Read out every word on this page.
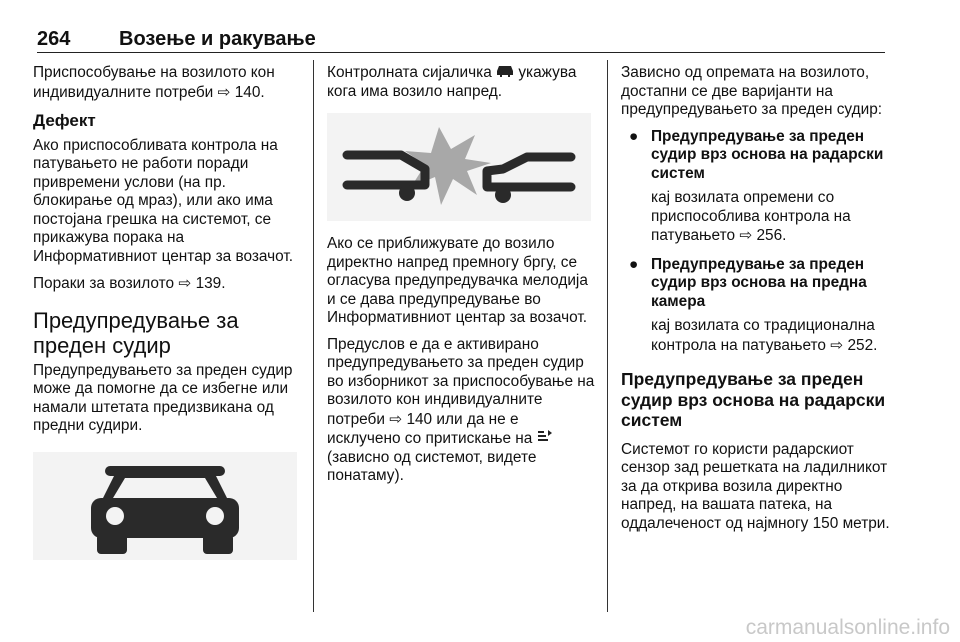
264 Возење и ракување

Приспособување на возилото кон индивидуалните потреби ⇨ 140.

Дефект

Ако приспособливата контрола на патувањето не работи поради привремени услови (на пр. блокирање од мраз), или ако има постојана грешка на системот, се прикажува порака на Информативниот центар за возачот.

Пораки за возилото ⇨ 139.

Предупредување за преден судир

Предупредувањето за преден судир може да помогне да се избегне или намали штетата предизвикана од предни судири.

Контролната сијаличка укажува кога има возило напред.

Ако се приближувате до возило директно напред премногу бргу, се огласува предупредувачка мелодија и се дава предупредување во Информативниот центар за возачот.

Предуслов е да е активирано предупредувањето за преден судир во изборникот за приспособување на возилото кон индивидуалните потреби ⇨ 140 или да не е исклучено со притискање на  (зависно од системот, видете понатаму).

Зависно од опремата на возилото, достапни се две варијанти на предупредувањето за преден судир:

● Предупредување за преден судир врз основа на радарски систем
кај возилата опремени со приспособлива контрола на патувањето ⇨ 256.
● Предупредување за преден судир врз основа на предна камера
кај возилата со традиционална контрола на патувањето ⇨ 252.
Предупредување за преден судир врз основа на радарски систем

Системот го користи радарскиот сензор зад решетката на ладилникот за да открива возила директно напред, на вашата патека, на оддалеченост од најмногу 150 метри.

carmanualsonline.info
